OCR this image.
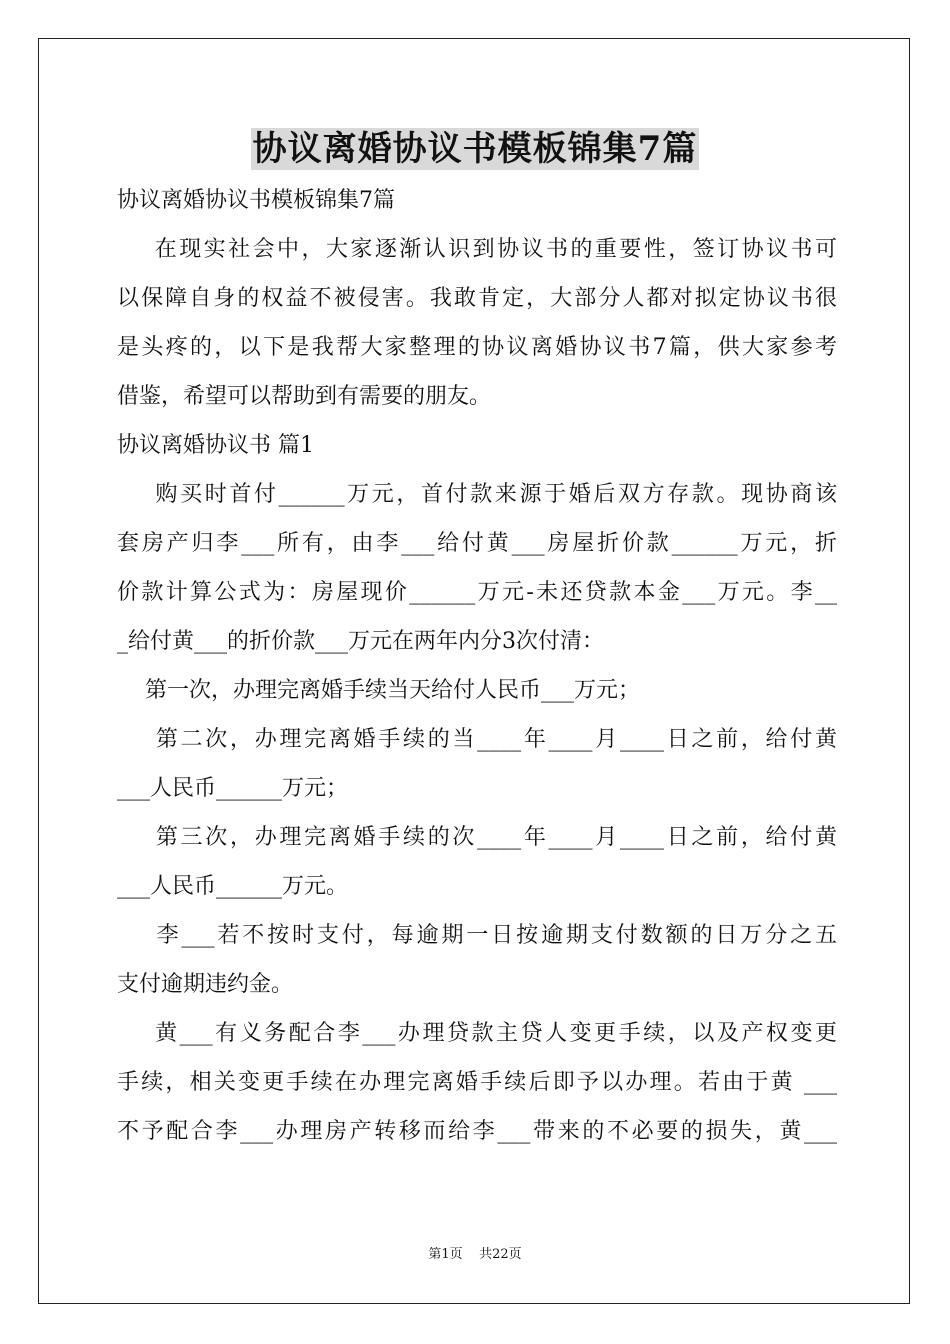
协议离婚协议书模板锦集7篇
协议离婚协议书模板锦集7篇
在现实社会中，大家逐渐认识到协议书的重要性，签订协议书可
以保障自身的权益不被侵害。我敢肯定，大部分人都对拟定协议书很
是头疼的，以下是我帮大家整理的协议离婚协议书7篇，供大家参考
借鉴，希望可以帮助到有需要的朋友。
协议离婚协议书 篇1
购买时首付______万元，首付款来源于婚后双方存款。现协商该
套房产归李___所有，由李___给付黄___房屋折价款______万元，折
价款计算公式为：房屋现价______万元-未还贷款本金___万元。李__
_给付黄___的折价款___万元在两年内分3次付清：
第一次，办理完离婚手续当天给付人民币___万元；
第二次，办理完离婚手续的当____年____月____日之前，给付黄
___人民币______万元；
第三次，办理完离婚手续的次____年____月____日之前，给付黄
___人民币______万元。
李___若不按时支付，每逾期一日按逾期支付数额的日万分之五
支付逾期违约金。
黄___有义务配合李___办理贷款主贷人变更手续，以及产权变更
手续，相关变更手续在办理完离婚手续后即予以办理。若由于黄 ___
不予配合李___办理房产转移而给李___带来的不必要的损失，黄___
第1页 共22页
